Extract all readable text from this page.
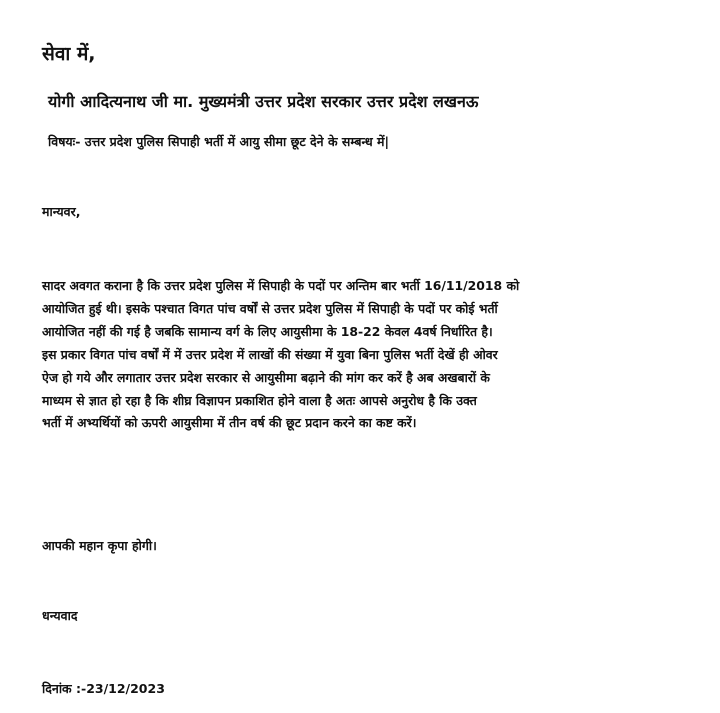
सेवा में,
योगी आदित्यनाथ जी मा. मुख्यमंत्री उत्तर प्रदेश सरकार उत्तर प्रदेश लखनऊ
विषयः- उत्तर प्रदेश पुलिस सिपाही भर्ती में आयु सीमा छूट देने के सम्बन्ध में|
मान्यवर,
सादर अवगत कराना है कि उत्तर प्रदेश पुलिस में सिपाही के पदों पर अन्तिम बार भर्ती 16/11/2018 को
आयोजित हुई थी। इसके पश्चात विगत पांच वर्षों से उत्तर प्रदेश पुलिस में सिपाही के पदों पर कोई भर्ती
आयोजित नहीं की गई है जबकि सामान्य वर्ग के लिए आयुसीमा के 18-22 केवल 4वर्ष निर्धारित है।
इस प्रकार विगत पांच वर्षों में में उत्तर प्रदेश में लाखों की संख्या में युवा बिना पुलिस भर्ती देखें ही ओवर
ऐज हो गये और लगातार उत्तर प्रदेश सरकार से आयुसीमा बढ़ाने की मांग कर करें है अब अखबारों के
माध्यम से ज्ञात हो रहा है कि शीघ्र विज्ञापन प्रकाशित होने वाला है अतः आपसे अनुरोध है कि उक्त
भर्ती में अभ्यर्थियों को ऊपरी आयुसीमा में तीन वर्ष की छूट प्रदान करने का कष्ट करें।
आपकी महान कृपा होगी।
धन्यवाद
दिनांक :-23/12/2023
